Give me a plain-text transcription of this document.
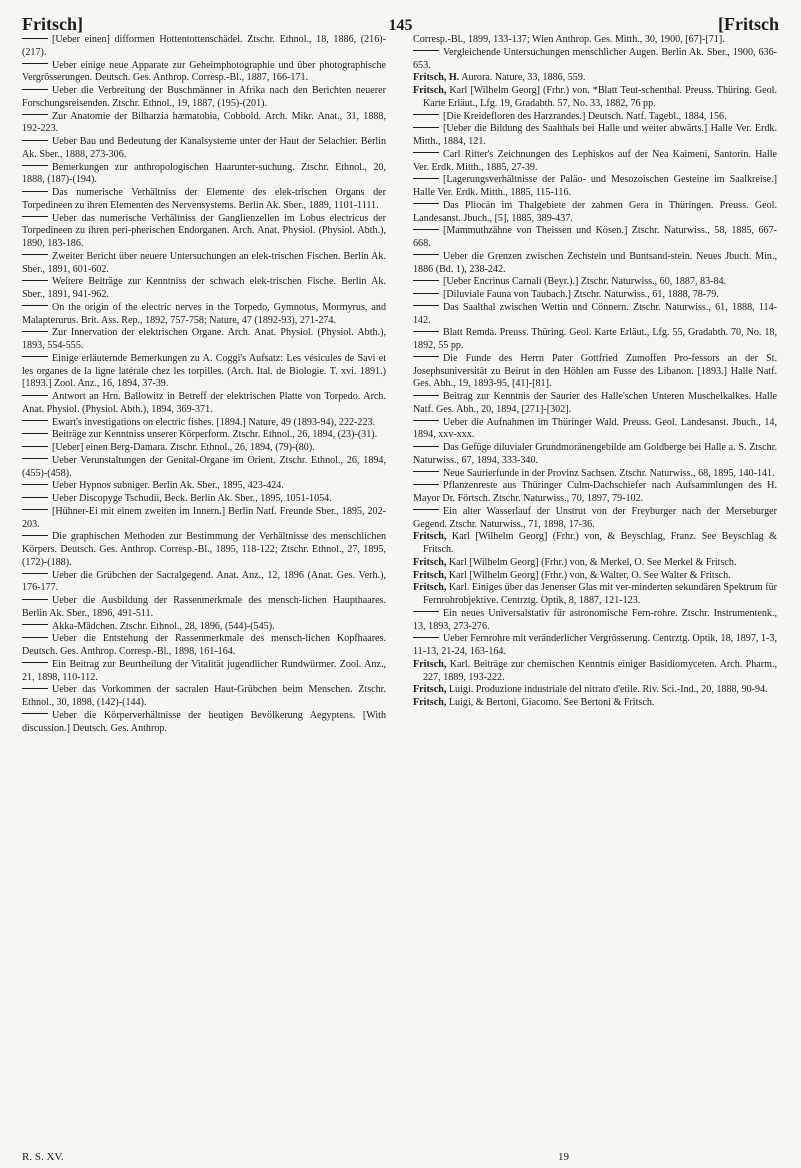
Fritsch]	145	[Fritsch

[Ueber einen] difformen Hottentottenschädel. Ztschr. Ethnol., 18, 1886, (216)-(217).

Ueber einige neue Apparate zur Geheimphotographie und über photographische Vergrösserungen. Deutsch. Ges. Anthrop. Corresp.-Bl., 1887, 166-171.

Ueber die Verbreitung der Buschmänner in Afrika nach den Berichten neuerer Forschungsreisenden. Ztschr. Ethnol., 19, 1887, (195)-(201).

Zur Anatomie der Bilharzia hæmatobia, Cobbold. Arch. Mikr. Anat., 31, 1888, 192-223.

Ueber Bau und Bedeutung der Kanalsysteme unter der Haut der Selachier. Berlin Ak. Sber., 1888, 273-306.

Bemerkungen zur anthropologischen Haarunter-suchung. Ztschr. Ethnol., 20, 1888, (187)-(194).

Das numerische Verhältniss der Elemente des elek-trischen Organs der Torpedineen zu ihren Elementen des Nervensystems. Berlin Ak. Sber., 1889, 1101-1111.

Ueber das numerische Verhältniss der Ganglienzellen im Lobus electricus der Torpedineen zu ihren peri-pherischen Endorganen. Arch. Anat. Physiol. (Physiol. Abth.), 1890, 183-186.

Zweiter Bericht über neuere Untersuchungen an elek-trischen Fischen. Berlin Ak. Sber., 1891, 601-602.

Weitere Beiträge zur Kenntniss der schwach elek-trischen Fische. Berlin Ak. Sber., 1891, 941-962.

On the origin of the electric nerves in the Torpedo, Gymnotus, Mormyrus, and Malapterurus. Brit. Ass. Rep., 1892, 757-758; Nature, 47 (1892-93), 271-274.

Zur Innervation der elektrischen Organe. Arch. Anat. Physiol. (Physiol. Abth.), 1893, 554-555.

Einige erläuternde Bemerkungen zu A. Coggi's Aufsatz: Les vésicules de Savi et les organes de la ligne latérale chez les torpilles. (Arch. Ital. de Biologie. T. xvi. 1891.) [1893.] Zool. Anz., 16, 1894, 37-39.

Antwort an Hrn. Ballowitz in Betreff der elektrischen Platte von Torpedo. Arch. Anat. Physiol. (Physiol. Abth.), 1894, 369-371.

Ewart's investigations on electric fishes. [1894.] Nature, 49 (1893-94), 222-223.

Beiträge zur Kenntniss unserer Körperform. Ztschr. Ethnol., 26, 1894, (23)-(31).

[Ueber] einen Berg-Damara. Ztschr. Ethnol., 26, 1894, (79)-(80).

Ueber Verunstaltungen der Genital-Organe im Orient. Ztschr. Ethnol., 26, 1894, (455)-(458).

Ueber Hypnos subniger. Berlin Ak. Sber., 1895, 423-424.

Ueber Discopyge Tschudii, Beck. Berlin Ak. Sber., 1895, 1051-1054.

[Hühner-Ei mit einem zweiten im Innern.] Berlin Natf. Freunde Sber., 1895, 202-203.

Die graphischen Methoden zur Bestimmung der Verhältnisse des menschlichen Körpers. Deutsch. Ges. Anthrop. Corresp.-Bl., 1895, 118-122; Ztschr. Ethnol., 27, 1895, (172)-(188).

Ueber die Grübchen der Sacralgegend. Anat. Anz., 12, 1896 (Anat. Ges. Verh.), 176-177.

Ueber die Ausbildung der Rassenmerkmale des mensch-lichen Haupthaares. Berlin Ak. Sber., 1896, 491-511.

Akka-Mädchen. Ztschr. Ethnol., 28, 1896, (544)-(545).

Ueber die Entstehung der Rassenmerkmale des mensch-lichen Kopfhaares. Deutsch. Ges. Anthrop. Corresp.-Bl., 1898, 161-164.

Ein Beitrag zur Beurtheilung der Vitalität jugendlicher Rundwürmer. Zool. Anz., 21, 1898, 110-112.

Ueber das Vorkommen der sacralen Haut-Grübchen beim Menschen. Ztschr. Ethnol., 30, 1898, (142)-(144).

Ueber die Körperverhältnisse der heutigen Bevölkerung Aegyptens. [With discussion.] Deutsch. Ges. Anthrop.

Corresp.-Bl., 1899, 133-137; Wien Anthrop. Ges. Mitth., 30, 1900, [67]-[71].

Vergleichende Untersuchungen menschlicher Augen. Berlin Ak. Sber., 1900, 636-653.

Fritsch, H. Aurora. Nature, 33, 1886, 559.

Fritsch, Karl [Wilhelm Georg] (Frhr.) von. *Blatt Teut-schenthal. Preuss. Thüring. Geol. Karte Erläut., Lfg. 19, Gradabth. 57, No. 33, 1882, 76 pp.

[Die Kreidefloren des Harzrandes.] Deutsch. Natf. Tagebl., 1884, 156.

[Ueber die Bildung des Saalthals bei Halle und weiter abwärts.] Halle Ver. Erdk. Mitth., 1884, 121.

Carl Ritter's Zeichnungen des Lephiskos auf der Nea Kaimeni, Santorin. Halle Ver. Erdk. Mitth., 1885, 27-39.

[Lagerungsverhältnisse der Paläo- und Mesozoischen Gesteine im Saalkreise.] Halle Ver. Erdk. Mitth., 1885, 115-116.

Das Pliocän im Thalgebiete der zahmen Gera in Thüringen. Preuss. Geol. Landesanst. Jbuch., [5], 1885, 389-437.

[Mammuthzähne von Theissen und Kösen.] Ztschr. Naturwiss., 58, 1885, 667-668.

Ueber die Grenzen zwischen Zechstein und Buntsand-stein. Neues Jbuch. Min., 1886 (Bd. 1), 238-242.

[Ueber Encrinus Carnali (Beyr.).] Ztschr. Naturwiss., 60, 1887, 83-84.

[Diluviale Fauna von Taubach.] Ztschr. Naturwiss., 61, 1888, 78-79.

Das Saalthal zwischen Wettin und Cönnern. Ztschr. Naturwiss., 61, 1888, 114-142.

Blatt Remda. Preuss. Thüring. Geol. Karte Erläut., Lfg. 55, Gradabth. 70, No. 18, 1892, 55 pp.

Die Funde des Herrn Pater Gottfried Zumoffen Pro-fessors an der St. Josephsuniversität zu Beirut in den Höhlen am Fusse des Libanon. [1893.] Halle Natf. Ges. Abh., 19, 1893-95, [41]-[81].

Beitrag zur Kenntnis der Saurier des Halle'schen Unteren Muschelkalkes. Halle Natf. Ges. Abh., 20, 1894, [271]-[302].

Ueber die Aufnahmen im Thüringer Wald. Preuss. Geol. Landesanst. Jbuch., 14, 1894, xxv-xxx.

Das Gefüge diluvialer Grundmoränengebilde am Goldberge bei Halle a. S. Ztschr. Naturwiss., 67, 1894, 333-340.

Neue Saurierfunde in der Provinz Sachsen. Ztschr. Naturwiss., 68, 1895, 140-141.

Pflanzenreste aus Thüringer Culm-Dachschiefer nach Aufsammlungen des H. Mayor Dr. Förtsch. Ztschr. Naturwiss., 70, 1897, 79-102.

Ein alter Wasserlauf der Unstrut von der Freyburger nach der Merseburger Gegend. Ztschr. Naturwiss., 71, 1898, 17-36.

Fritsch, Karl [Wilhelm Georg] (Frhr.) von, & Beyschlag, Franz. See Beyschlag & Fritsch.

Fritsch, Karl [Wilhelm Georg] (Frhr.) von, & Merkel, O. See Merkel & Fritsch.

Fritsch, Karl [Wilhelm Georg] (Frhr.) von, & Walter, O. See Walter & Fritsch.

Fritsch, Karl. Einiges über das Jenenser Glas mit ver-minderten sekundären Spektrum für Fernrohrobjektive. Centrztg. Optik, 8, 1887, 121-123.

Ein neues Universalstativ für astronomische Fern-rohre. Ztschr. Instrumentenk., 13, 1893, 273-276.

Ueber Fernrohre mit veränderlicher Vergrösserung. Centrztg. Optik, 18, 1897, 1-3, 11-13, 21-24, 163-164.

Fritsch, Karl. Beiträge zur chemischen Kenntnis einiger Basidiomyceten. Arch. Pharm., 227, 1889, 193-222.

Fritsch, Luigi. Produzione industriale del nitrato d'etile. Riv. Sci.-Ind., 20, 1888, 90-94.

Fritsch, Luigi, & Bertoni, Giacomo. See Bertoni & Fritsch.

R. S. XV.	19
